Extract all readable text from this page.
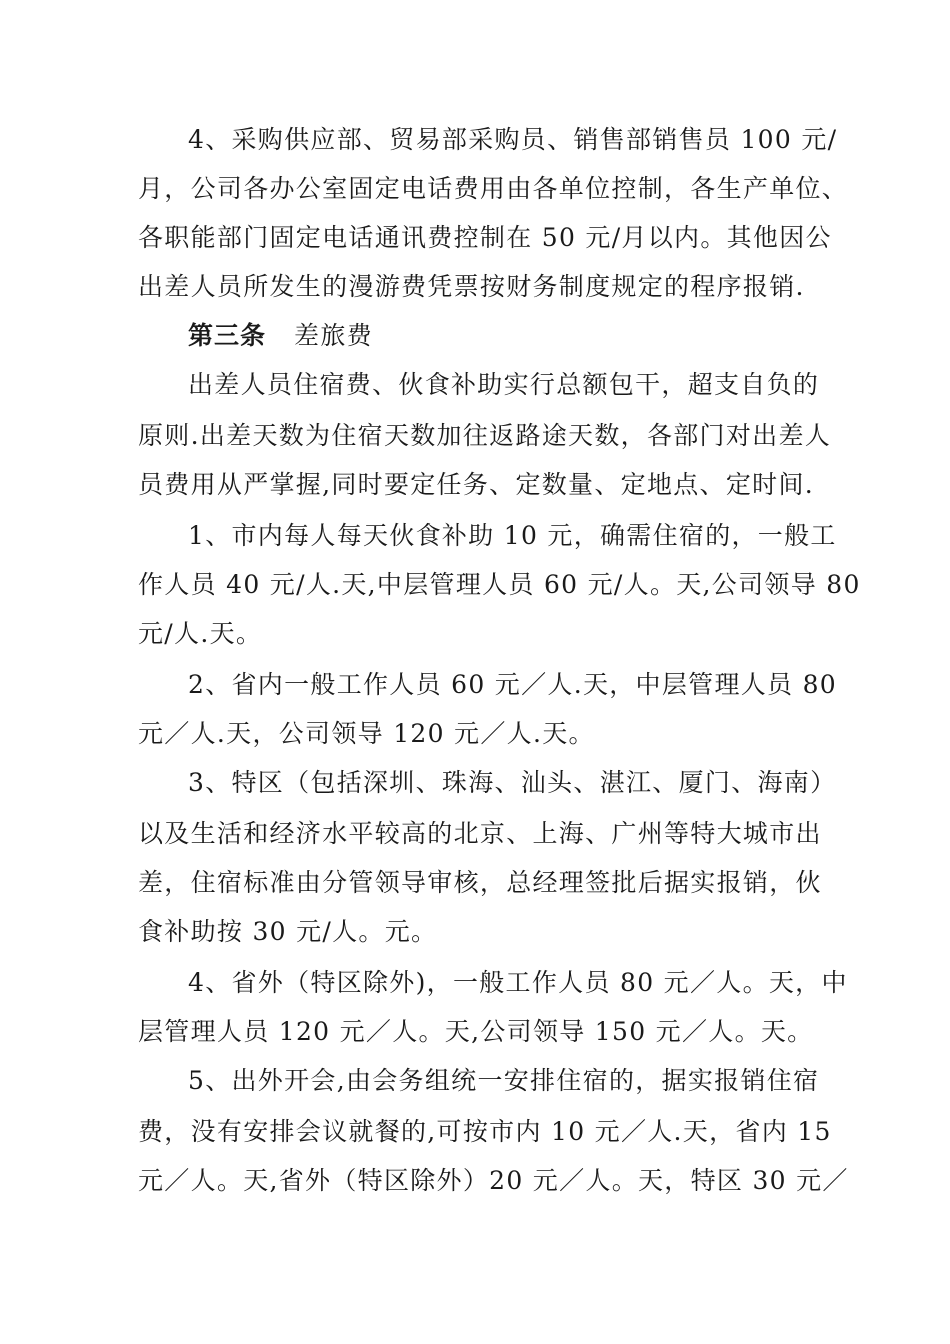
4、采购供应部、贸易部采购员、销售部销售员 100 元/
月，公司各办公室固定电话费用由各单位控制，各生产单位、
各职能部门固定电话通讯费控制在 50 元/月以内。其他因公
出差人员所发生的漫游费凭票按财务制度规定的程序报销.
第三条 差旅费
出差人员住宿费、伙食补助实行总额包干，超支自负的
原则.出差天数为住宿天数加往返路途天数，各部门对出差人
员费用从严掌握,同时要定任务、定数量、定地点、定时间.
1、市内每人每天伙食补助 10 元，确需住宿的，一般工
作人员 40 元/人.天,中层管理人员 60 元/人。天,公司领导 80
元/人.天。
2、省内一般工作人员 60 元／人.天，中层管理人员 80
元／人.天，公司领导 120 元／人.天。
3、特区（包括深圳、珠海、汕头、湛江、厦门、海南）
以及生活和经济水平较高的北京、上海、广州等特大城市出
差，住宿标准由分管领导审核，总经理签批后据实报销，伙
食补助按 30 元/人。元。
4、省外（特区除外)，一般工作人员 80 元／人。天，中
层管理人员 120 元／人。天,公司领导 150 元／人。天。
5、出外开会,由会务组统一安排住宿的，据实报销住宿
费，没有安排会议就餐的,可按市内 10 元／人.天，省内 15
元／人。天,省外（特区除外）20 元／人。天，特区 30 元／
